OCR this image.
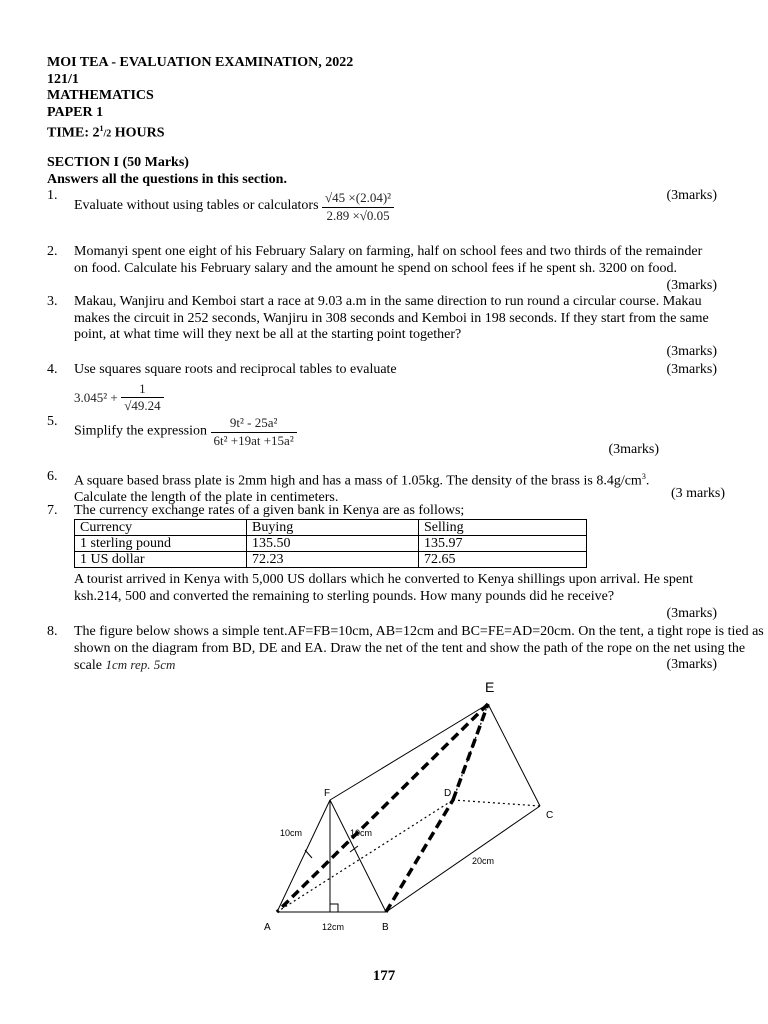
MOI TEA - EVALUATION EXAMINATION, 2022
121/1
MATHEMATICS
PAPER 1
TIME: $2^1/2$ HOURS
SECTION I (50 Marks)
Answers all the questions in this section.
1.
Evaluate without using tables or calculators $\frac{\text{√45 ×(2.04)²}}{2.89 \times√0.05}$	(3marks)
2. Momanyi spent one eight of his February Salary on farming, half on school fees and two thirds of the remainder on food. Calculate his February salary and the amount he spend on school fees if he spent sh. 3200 on food.
(3marks)
3. Makau, Wanjiru and Kemboi start a race at 9.03 a.m in the same direction to run round a circular course. Makau makes the circuit in 252 seconds, Wanjiru in 308 seconds and Kemboi in 198 seconds. If they start from the same point, at what time will they next be all at the starting point together?
(3marks)
4. Use squares square roots and reciprocal tables to evaluate
$3.045^2 + \frac{1}{√49.24}$
(3marks)
5.
Simplify the expression $\frac{\text{9t² - 25a²}}{\text{6t² +19at +15a²}}$
(3marks)
6. A square based brass plate is 2mm high and has a mass of 1.05kg. The density of the brass is $8.4g/cm^3$.
Calculate the length of the plate in centimeters.	(3 marks)
7. The currency exchange rates of a given bank in Kenya are as follows;
Currency	Buying	Selling
1 sterling pound	135.50	135.97
1 US dollar	72.23	72.65
A tourist arrived in Kenya with 5,000 US dollars which he converted to Kenya shillings upon arrival. He spent ksh.214, 500 and converted the remaining to sterling pounds. How many pounds did he receive?
(3marks)
8. The figure below shows a simple tent.AF=FB=10cm, AB=12cm and BC=FE=AD=20cm. On the tent, a tight rope is tied as shown on the diagram from BD, DE and EA. Draw the net of the tent and show the path of the rope on the net using the scale 1cm rep. 5cm	(3marks)
A	B
C
D
E
F
10cm	10cm
12cm
20cm
177
